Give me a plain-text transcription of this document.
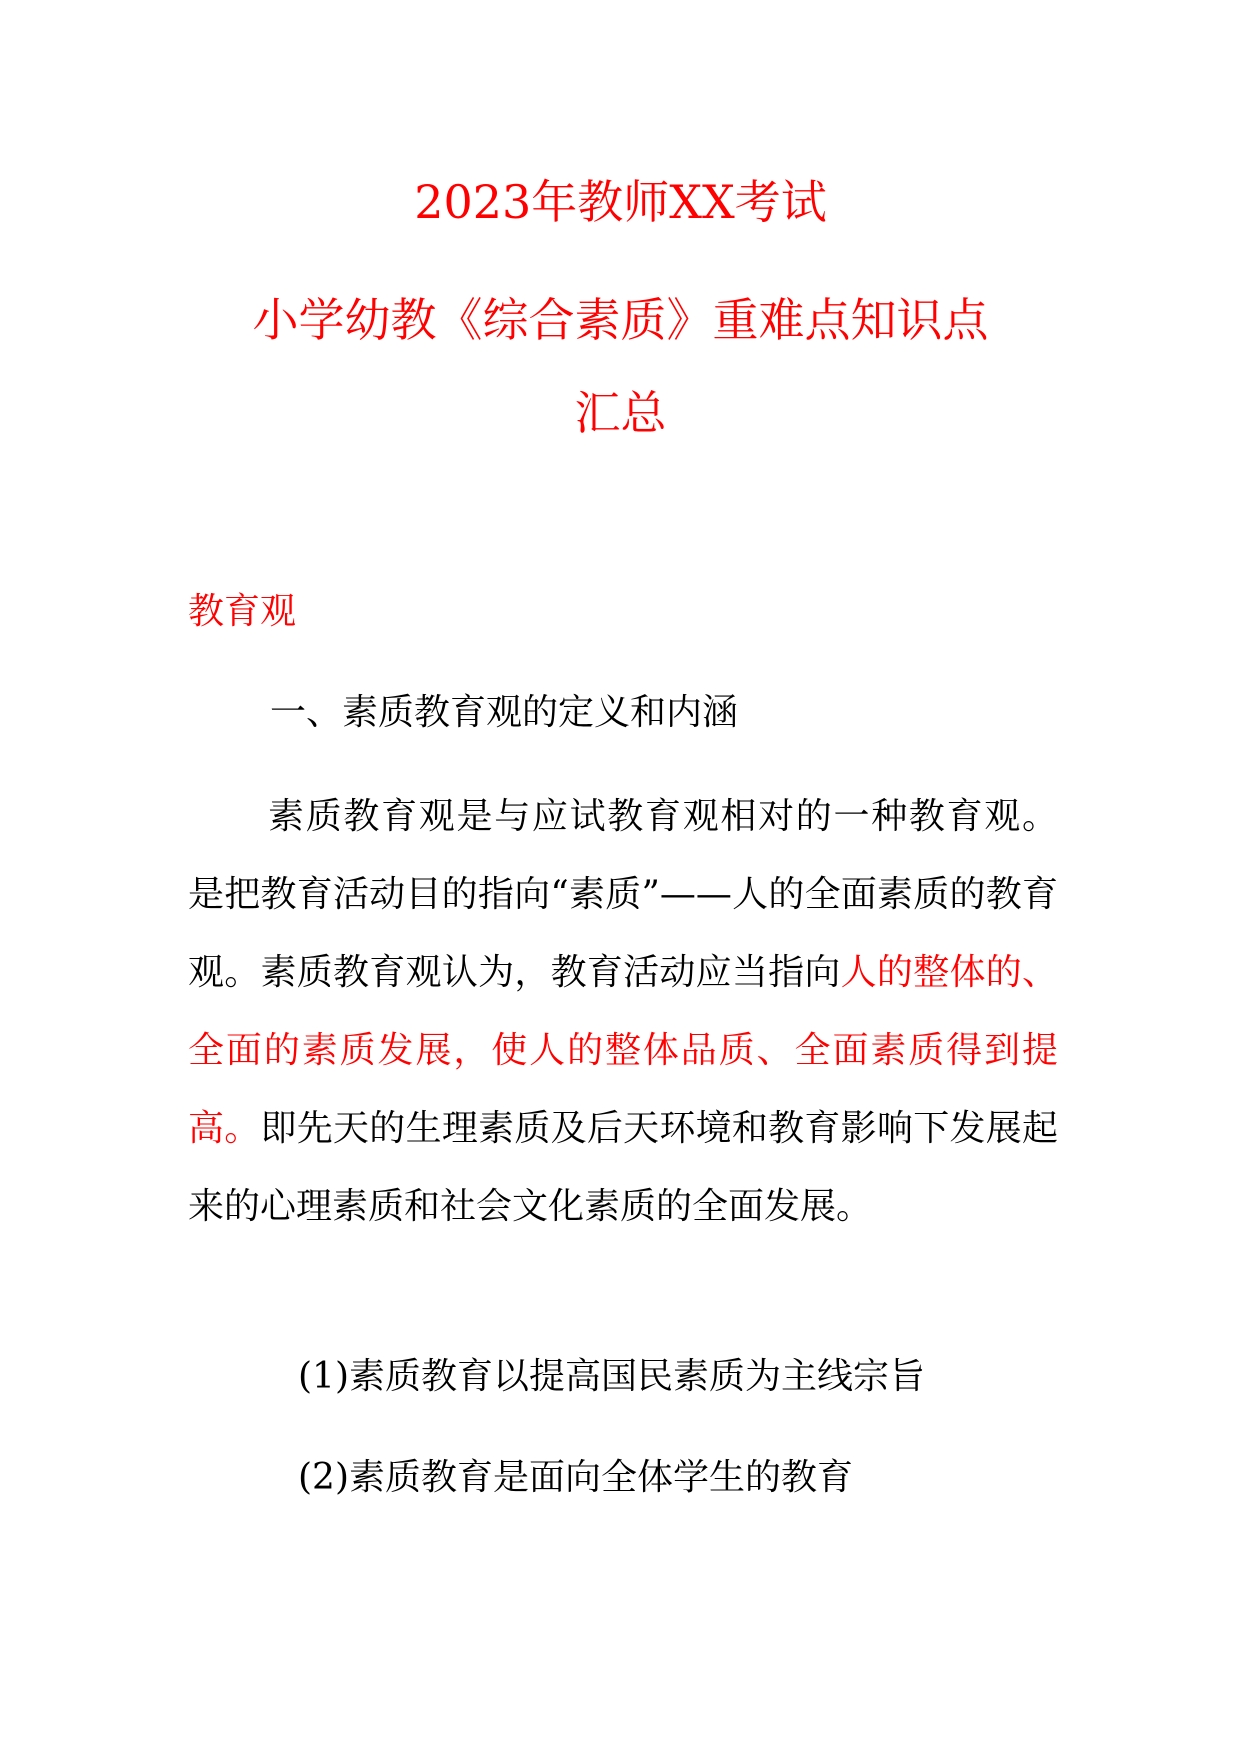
2023年教师XX考试
小学幼教《综合素质》重难点知识点
汇总
教育观
一、素质教育观的定义和内涵
素质教育观是与应试教育观相对的一种教育观。是把教育活动目的指向“素质”——人的全面素质的教育观。素质教育观认为，教育活动应当指向人的整体的、全面的素质发展，使人的整体品质、全面素质得到提高。即先天的生理素质及后天环境和教育影响下发展起来的心理素质和社会文化素质的全面发展。
(1)素质教育以提高国民素质为主线宗旨
(2)素质教育是面向全体学生的教育
